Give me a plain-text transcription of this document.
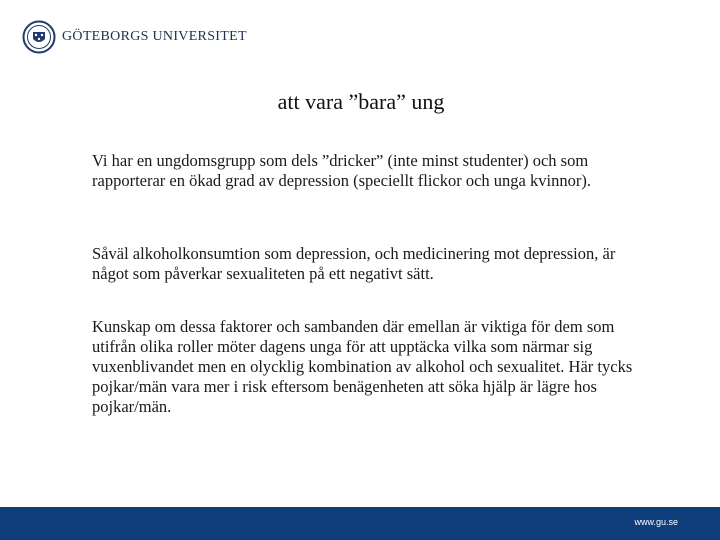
GÖTEBORGS UNIVERSITET
att vara ”bara” ung
Vi har en ungdomsgrupp som dels ”dricker” (inte minst studenter) och som rapporterar en ökad grad av depression (speciellt flickor och unga kvinnor).
Såväl alkoholkonsumtion som depression, och medicinering mot depression, är något som påverkar sexualiteten på ett negativt sätt.
Kunskap om dessa faktorer och sambanden där emellan är viktiga för dem som utifrån olika roller möter dagens unga för att upptäcka vilka som närmar sig vuxenblivandet men en olycklig kombination av alkohol och sexualitet. Här tycks pojkar/män vara mer i risk eftersom benägenheten att söka hjälp är lägre hos pojkar/män.
www.gu.se
